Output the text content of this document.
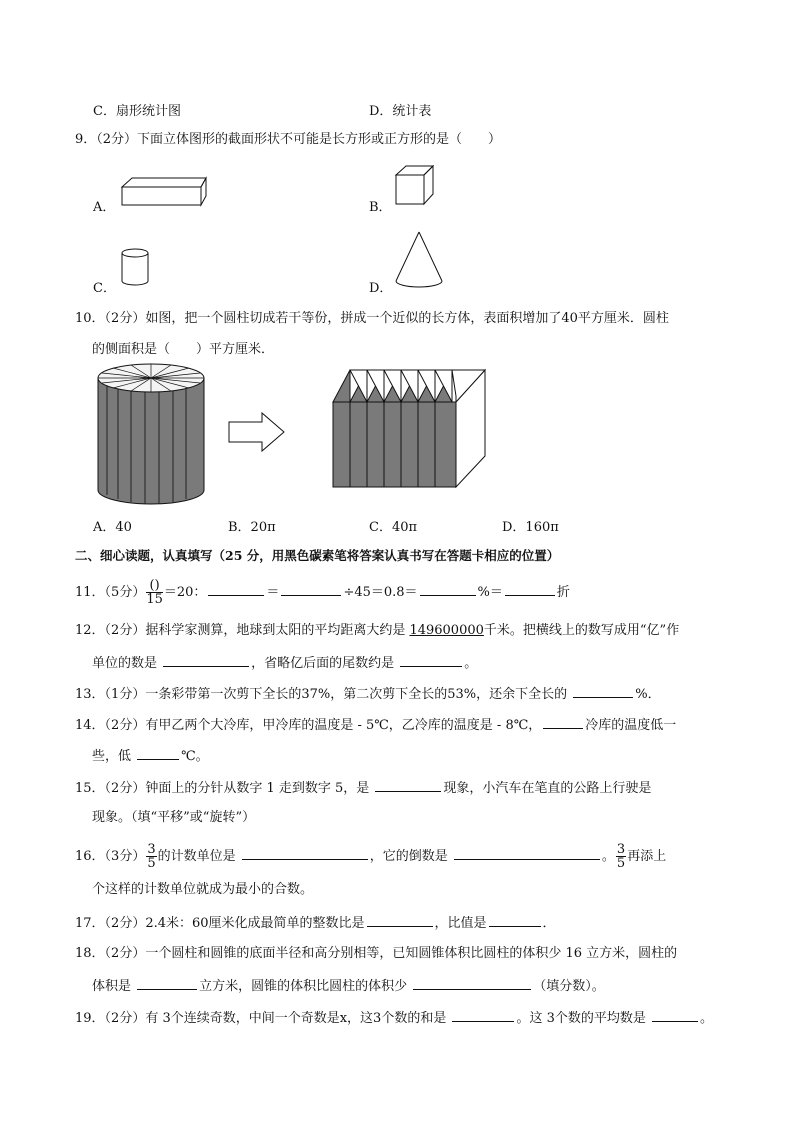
C．扇形统计图	D．统计表
9．（2分）下面立体图形的截面形状不可能是长方形或正方形的是（　　）
A．	B．
C．	D．
10．（2分）如图，把一个圆柱切成若干等份，拼成一个近似的长方体，表面积增加了40平方厘米．圆柱
的侧面积是（　　）平方厘米．
A．40	B．20π	C．40π	D．160π
二、细心读题，认真填写（25 分，用黑色碳素笔将答案认真书写在答题卡相应的位置）
11．（5分） $\frac{()}{15} =20$：	＝	÷45＝0.8＝	%＝	折
12．（2分）据科学家测算，地球到太阳的平均距离大约是 149600000千米。把横线上的数写成用“亿”作
单位的数是	，省略亿后面的尾数约是	。
13．（1分）一条彩带第一次剪下全长的37%，第二次剪下全长的53%，还余下全长的	%．
14．（2分）有甲乙两个大冷库，甲冷库的温度是 - 5℃，乙冷库的温度是 - 8℃，	冷库的温度低一
些，低	℃。
15．（2分）钟面上的分针从数字 1 走到数字 5，是	现象，小汽车在笔直的公路上行驶是
现象。（填“平移”或“旋转”）
16．（3分） $\frac{3}{5}$ 的计数单位是	，它的倒数是	。 $\frac{3}{5}$ 再添上
个这样的计数单位就成为最小的合数。
17．（2分）2.4米：60厘米化成最简单的整数比是	，比值是	．
18．（2分）一个圆柱和圆锥的底面半径和高分别相等，已知圆锥体积比圆柱的体积少 16 立方米，圆柱的
体积是	立方米，圆锥的体积比圆柱的体积少	（填分数）。
19．（2分）有 3个连续奇数，中间一个奇数是x，这3个数的和是	。这 3个数的平均数是	。
